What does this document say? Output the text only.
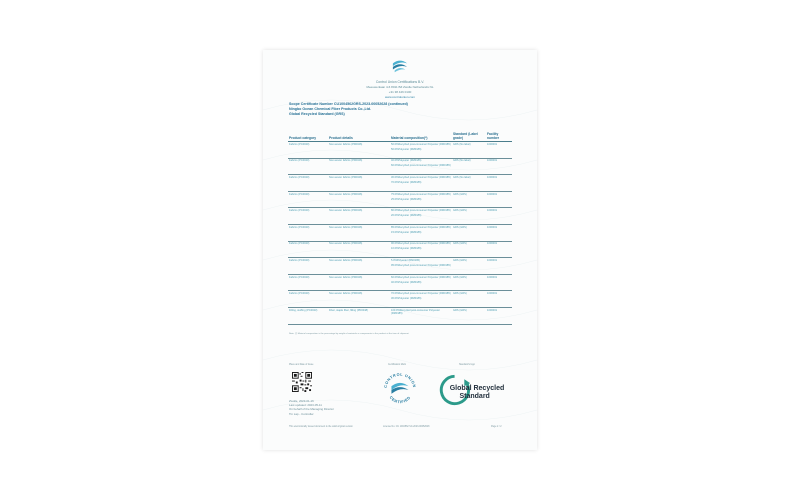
Control Union Certifications B.V.
Meeuwenlaan 4-6 8011 BZ Zwolle Netherlands NL
+31 38 426 0100
www.controlunion.com
Scope Certificate Number CU1004562GRS-2023-00052628 (continued)
Ningbo Ocean Chemical Fiber Products Co.,Ltd.
Global Recycled Standard (GRS)
Product category	Product details	Material composition(*)	Standard (Label grade)	Facility number
Fabrics (PC0020)	Non-woven fabrics (PD0046)	50.0%Recycled post-consumer Polyester (RM0185)
50.0%Polyester (RM0186)	GRS (No label)	1000001
Fabrics (PC0020)	Non-woven fabrics (PD0046)	40.0%Polyester (RM0186)
60.0%Recycled post-consumer Polyester (RM0185)	GRS (No label)	1000001
Fabrics (PC0020)	Non-woven fabrics (PD0046)	30.0%Recycled post-consumer Polyester (RM0185)
70.0%Polyester (RM0186)	GRS (No label)	1000001
Fabrics (PC0020)	Non-woven fabrics (PD0046)	75.0%Recycled post-consumer Polyester (RM0185)
25.0%Polyester (RM0186)	GRS (GRS)	1000001
Fabrics (PC0020)	Non-woven fabrics (PD0046)	80.0%Recycled post-consumer Polyester (RM0185)
20.0%Polyester (RM0186)	GRS (GRS)	1000001
Fabrics (PC0020)	Non-woven fabrics (PD0046)	85.0%Recycled post-consumer Polyester (RM0185)
15.0%Polyester (RM0186)	GRS (GRS)	1000001
Fabrics (PC0020)	Non-woven fabrics (PD0046)	90.0%Recycled post-consumer Polyester (RM0185)
10.0%Polyester (RM0186)	GRS (GRS)	1000001
Fabrics (PC0020)	Non-woven fabrics (PD0046)	5.0%Polyester (RM0186)
95.0%Recycled post-consumer Polyester (RM0185)	GRS (GRS)	1000001
Fabrics (PC0020)	Non-woven fabrics (PD0046)	60.0%Recycled post-consumer Polyester (RM0185)
40.0%Polyester (RM0186)	GRS (GRS)	1000001
Fabrics (PC0020)	Non-woven fabrics (PD0046)	70.0%Recycled post-consumer Polyester (RM0185)
30.0%Polyester (RM0186)	GRS (GRS)	1000001
Filling, stuffing (PC0023)	Fiber, staple fiber, filling (PD0048)	100.0%Recycled post-consumer Polyester (RM0185)	GRS (GRS)	1000001
Note: (*) Material composition is the percentage by weight of materials or components in the product at the time of shipment
Place and Date of Issue	Certification Mark	Standard's logo
Zwolle, 2023-01-16
Last updated: 2023-05-11
On behalf of the Managing Director
Tin Lap - Controller
CONTROL UNION
CERTIFIED
Global Recycled
Standard
This electronically issued document is the valid original version	License No. CU 1004562 SC-2023-00052628	Page 2 / 2
